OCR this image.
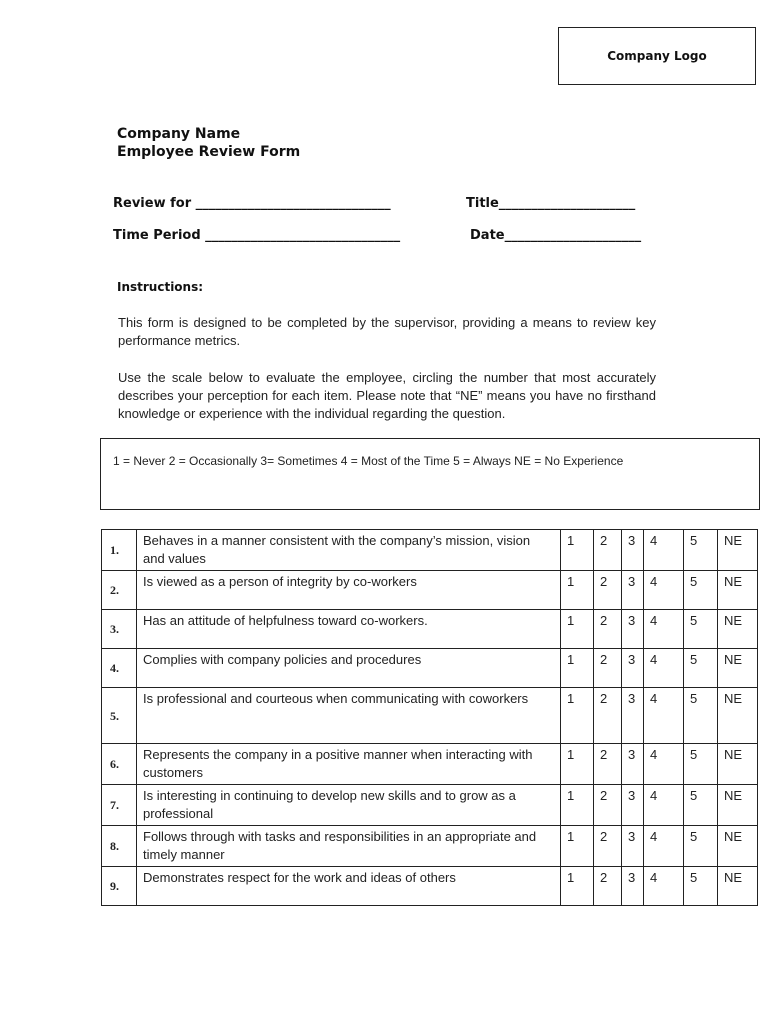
Company Logo
Company Name
Employee Review Form
Review for ______________________________	Title_____________________
Time Period ______________________________	Date_____________________
Instructions:
This form is designed to be completed by the supervisor, providing a means to review key performance metrics.
Use the scale below to evaluate the employee, circling the number that most accurately describes your perception for each item. Please note that “NE” means you have no firsthand knowledge or experience with the individual regarding the question.
1 = Never 2 = Occasionally 3= Sometimes 4 = Most of the Time 5 = Always NE = No Experience
1.	Behaves in a manner consistent with the company’s mission, vision and values	1	2	3	4	5	NE
2.	Is viewed as a person of integrity by co-workers	1	2	3	4	5	NE
3.	Has an attitude of helpfulness toward co-workers.	1	2	3	4	5	NE
4.	Complies with company policies and procedures	1	2	3	4	5	NE
5.	Is professional and courteous when communicating with coworkers	1	2	3	4	5	NE
6.	Represents the company in a positive manner when interacting with customers	1	2	3	4	5	NE
7.	Is interesting in continuing to develop new skills and to grow as a professional	1	2	3	4	5	NE
8.	Follows through with tasks and responsibilities in an appropriate and timely manner	1	2	3	4	5	NE
9.	Demonstrates respect for the work and ideas of others	1	2	3	4	5	NE
